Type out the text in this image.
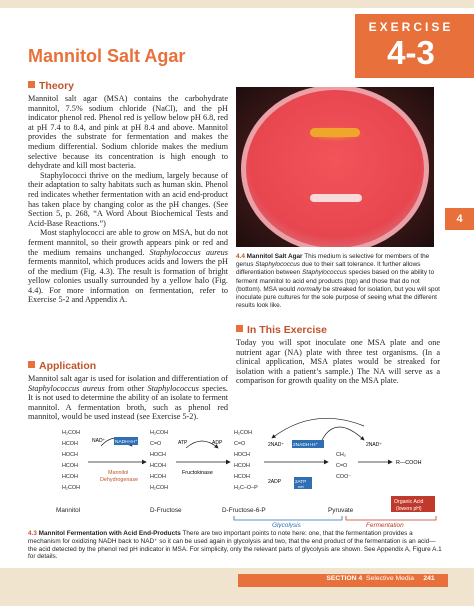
EXERCISE
4-3
Mannitol Salt Agar
Theory

Mannitol salt agar (MSA) contains the carbohydrate mannitol, 7.5% sodium chloride (NaCl), and the pH indicator phenol red. Phenol red is yellow below pH 6.8, red at pH 7.4 to 8.4, and pink at pH 8.4 and above. Mannitol provides the substrate for fermentation and makes the medium differential. Sodium chloride makes the medium selective because its concentration is high enough to dehydrate and kill most bacteria.

Staphylococci thrive on the medium, largely because of their adaptation to salty habitats such as human skin. Phenol red indicates whether fermentation with an acid end-product has taken place by changing color as the pH changes. (See Section 5, p. 268, “A Word About Biochemical Tests and Acid-Base Reactions.”)

Most staphylococci are able to grow on MSA, but do not ferment mannitol, so their growth appears pink or red and the medium remains unchanged. Staphylococcus aureus ferments mannitol, which produces acids and lowers the pH of the medium (Fig. 4.3). The result is formation of bright yellow colonies usually surrounded by a yellow halo (Fig. 4.4). For more information on fermentation, refer to Exercise 5-2 and Appendix A.

Application

Mannitol salt agar is used for isolation and differentiation of Staphylococcus aureus from other Staphylococcus species. It is not used to determine the ability of an isolate to ferment mannitol. A fermentation broth, such as phenol red mannitol, would be used instead (see Exercise 5-2).

4
4.4 Mannitol Salt Agar This medium is selective for members of the genus Staphylococcus due to their salt tolerance. It further allows differentiation between Staphylococcus species based on the ability to ferment mannitol to acid end products (top) and those that do not (bottom). MSA would normally be streaked for isolation, but you will spot inoculate pure cultures for the sole purpose of seeing what the different results look like.
In This Exercise
Today you will spot inoculate one MSA plate and one nutrient agar (NA) plate with three test organisms. (In a clinical application, MSA plates would be streaked for isolation with a patient’s sample.) The NA will serve as a comparison for growth quality on the MSA plate.
H₂COH
HCOH
HOCH
HCOH
HCOH
H₂COH
Mannitol
NAD⁺ NADH+H⁺
Mannitol
Dehydrogenase
H₂COH
C=O
HOCH
HCOH
HCOH
H₂COH
D-Fructose
ATP	ADP
Fructokinase
H₂COH
C=O
HOCH
HCOH
HCOH
H₂C–O–P
D-Fructose-6-P
2NAD⁺ 2NADH+H⁺
2ADP	2ATP
net
CH₃
C=O
COO⁻
Pyruvate
R—COOH
2NAD⁺
Organic Acid
(lowers pH)
Glycolysis	Fermentation
4.3 Mannitol Fermentation with Acid End-Products There are two important points to note here: one, that the fermentation provides a mechanism for oxidizing NADH back to NAD⁺ so it can be used again in glycolysis and two, that the end product of the fermentation is an acid—the acid detected by the phenol red pH indicator in MSA. For simplicity, only the relevant parts of glycolysis are shown. See Appendix A, Figure A.1 for details.
SECTION 4 Selective Media	241
